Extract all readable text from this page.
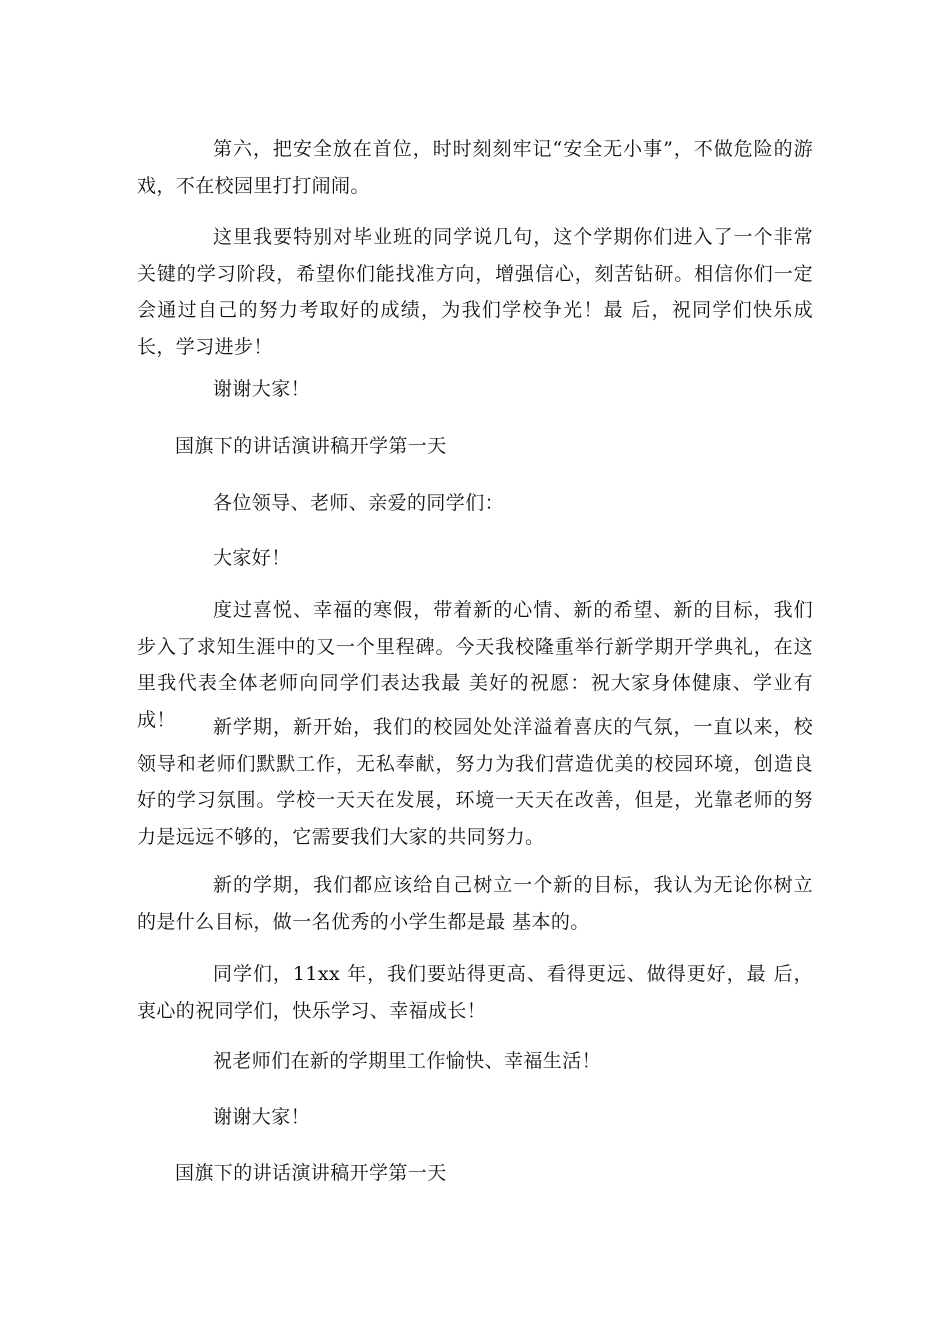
第六，把安全放在首位，时时刻刻牢记“安全无小事”，不做危险的游戏，不在校园里打打闹闹。

这里我要特别对毕业班的同学说几句，这个学期你们进入了一个非常关键的学习阶段，希望你们能找准方向，增强信心，刻苦钻研。相信你们一定会通过自己的努力考取好的成绩，为我们学校争光！最 后，祝同学们快乐成长，学习进步！

谢谢大家！

国旗下的讲话演讲稿开学第一天

各位领导、老师、亲爱的同学们：

大家好！

度过喜悦、幸福的寒假，带着新的心情、新的希望、新的目标，我们步入了求知生涯中的又一个里程碑。今天我校隆重举行新学期开学典礼，在这里我代表全体老师向同学们表达我最 美好的祝愿：祝大家身体健康、学业有成！	新学期，新开始，我们的校园处处洋溢着喜庆的气氛，一直以来，校领导和老师们默默工作，无私奉献，努力为我们营造优美的校园环境，创造良好的学习氛围。学校一天天在发展，环境一天天在改善，但是，光靠老师的努力是远远不够的，它需要我们大家的共同努力。

新的学期，我们都应该给自己树立一个新的目标，我认为无论你树立的是什么目标，做一名优秀的小学生都是最 基本的。

同学们，11xx 年，我们要站得更高、看得更远、做得更好，最 后，衷心的祝同学们，快乐学习、幸福成长！

祝老师们在新的学期里工作愉快、幸福生活！

谢谢大家！

国旗下的讲话演讲稿开学第一天
